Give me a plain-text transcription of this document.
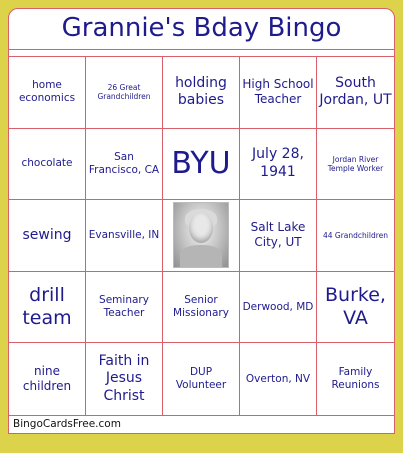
Grannie's Bday Bingo
home economics
26 Great Grandchildren
holding babies
High School Teacher
South Jordan, UT
chocolate
San Francisco, CA BYU	July 28, 1941
Jordan River Temple Worker
sewing Evansville, IN
Salt Lake City, UT
44 Grandchildren
drill team
Seminary Teacher
Senior Missionary
Derwood, MD
Burke, VA
nine children
Faith in Jesus Christ
DUP Volunteer
Overton, NV
Family Reunions
BingoCardsFree.com
